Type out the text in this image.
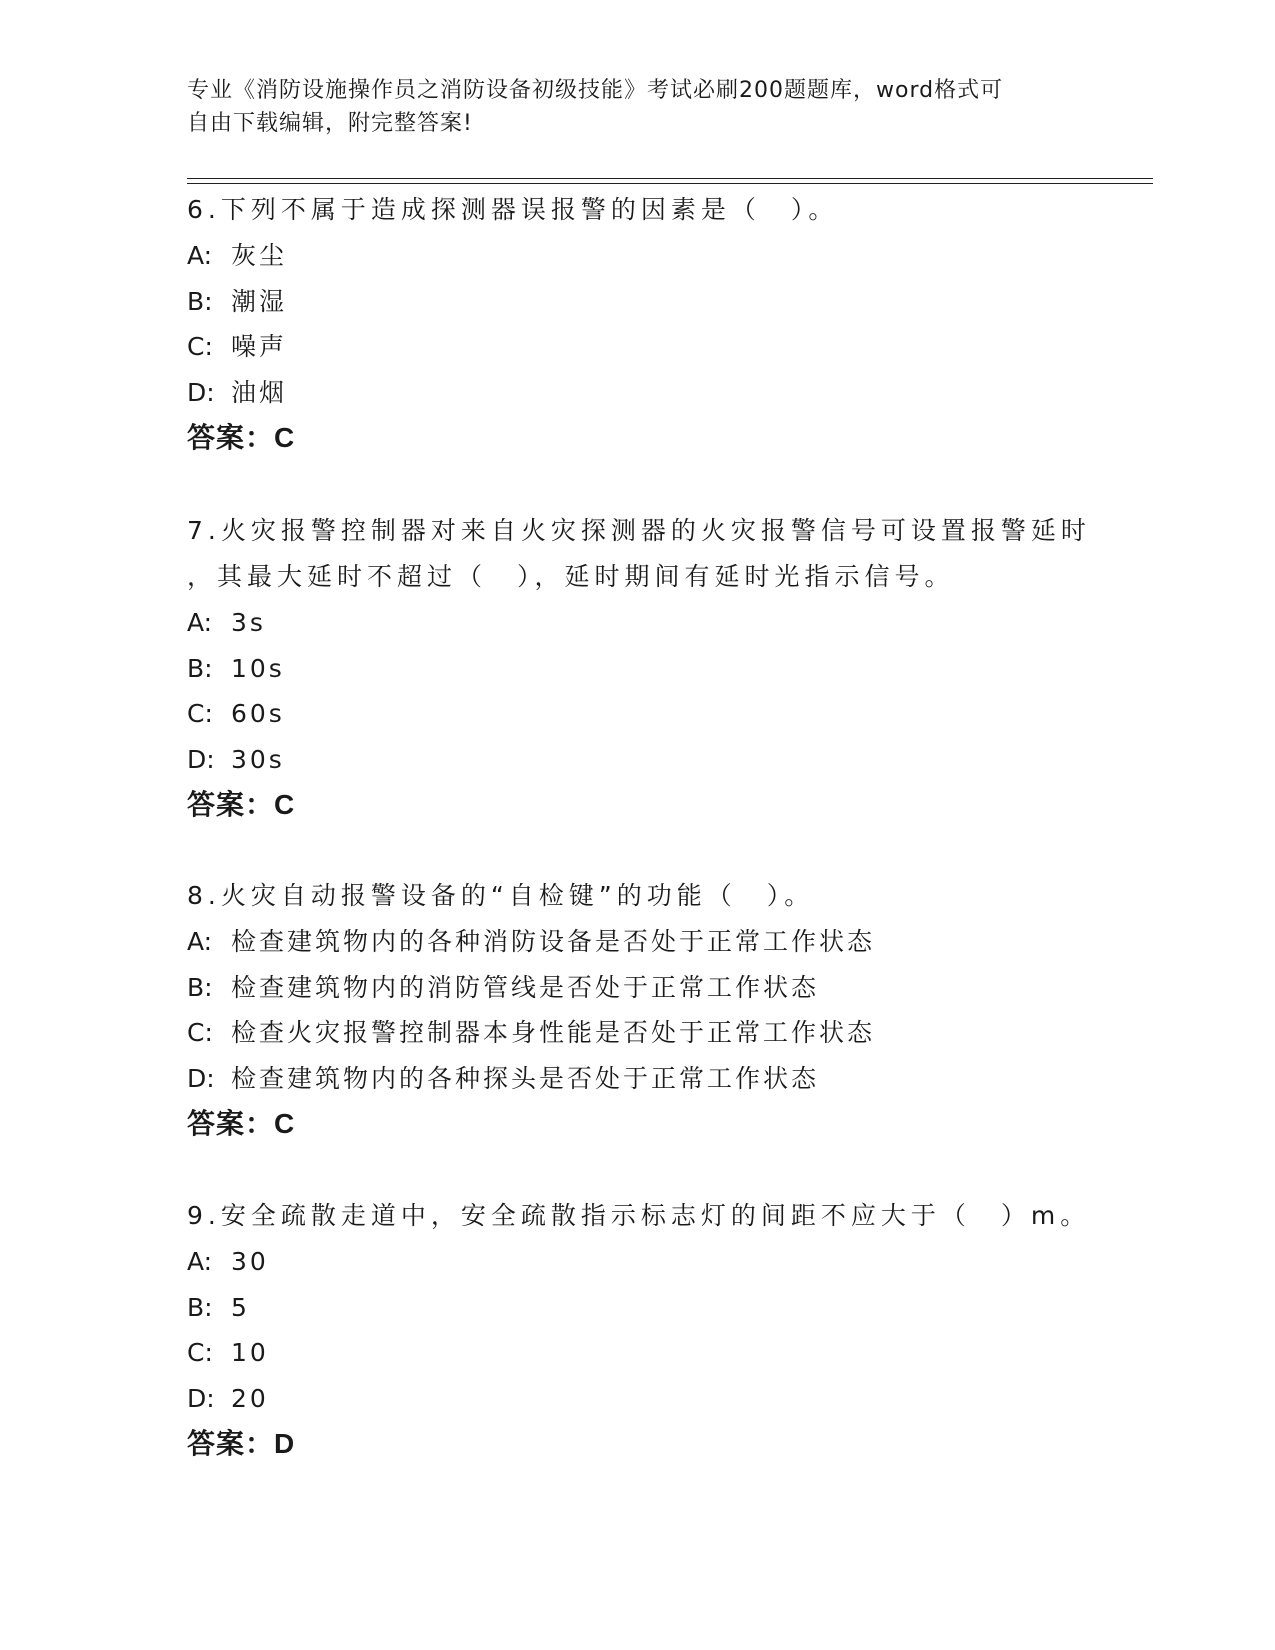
专业《消防设施操作员之消防设备初级技能》考试必刷200题题库，word格式可
自由下载编辑，附完整答案!
6.下列不属于造成探测器误报警的因素是（　）。
A: 灰尘
B: 潮湿
C: 噪声
D: 油烟
答案：C
7.火灾报警控制器对来自火灾探测器的火灾报警信号可设置报警延时
，其最大延时不超过（　），延时期间有延时光指示信号。
A: 3s
B: 10s
C: 60s
D: 30s
答案：C
8.火灾自动报警设备的“自检键”的功能（　）。
A: 检查建筑物内的各种消防设备是否处于正常工作状态
B: 检查建筑物内的消防管线是否处于正常工作状态
C: 检查火灾报警控制器本身性能是否处于正常工作状态
D: 检查建筑物内的各种探头是否处于正常工作状态
答案：C
9.安全疏散走道中，安全疏散指示标志灯的间距不应大于（　）m。
A: 30
B: 5
C: 10
D: 20
答案：D
